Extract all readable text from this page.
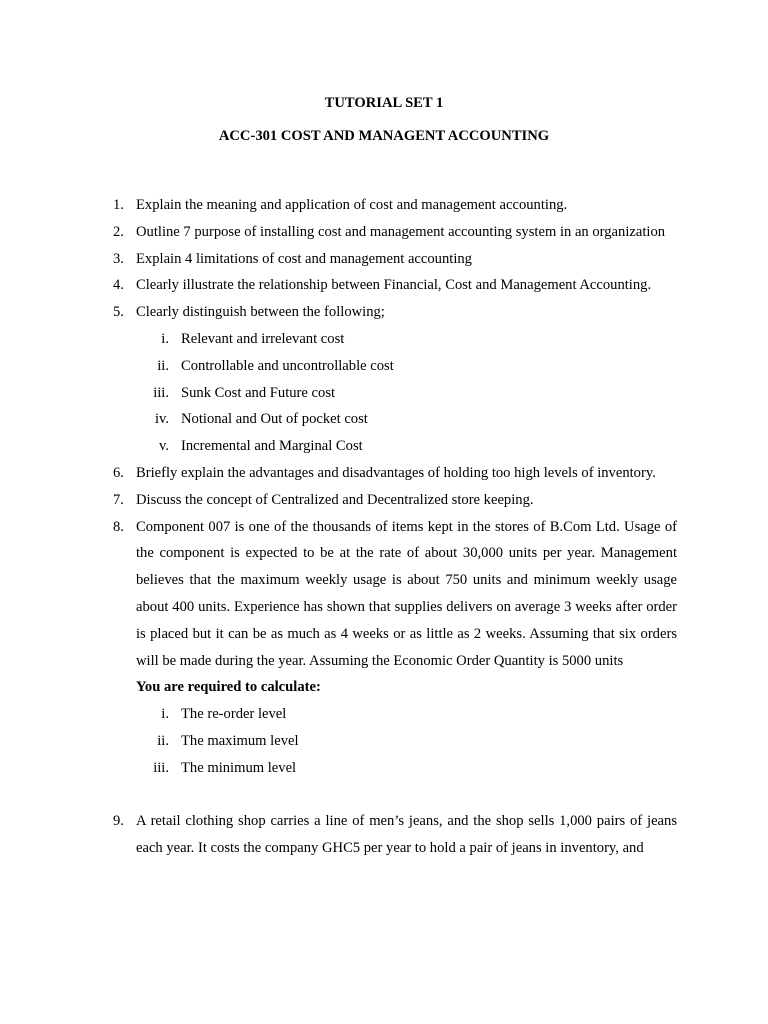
TUTORIAL SET 1

ACC-301 COST AND MANAGENT ACCOUNTING

1. Explain the meaning and application of cost and management accounting.
2. Outline 7 purpose of installing cost and management accounting system in an organization
3. Explain 4 limitations of cost and management accounting
4. Clearly illustrate the relationship between Financial, Cost and Management Accounting.
5. Clearly distinguish between the following;
i. Relevant and irrelevant cost
ii. Controllable and uncontrollable cost
iii. Sunk Cost and Future cost
iv. Notional and Out of pocket cost
v. Incremental and Marginal Cost
6. Briefly explain the advantages and disadvantages of holding too high levels of inventory.
7. Discuss the concept of Centralized and Decentralized store keeping.
8. Component 007 is one of the thousands of items kept in the stores of B.Com Ltd. Usage of the component is expected to be at the rate of about 30,000 units per year. Management believes that the maximum weekly usage is about 750 units and minimum weekly usage about 400 units. Experience has shown that supplies delivers on average 3 weeks after order is placed but it can be as much as 4 weeks or as little as 2 weeks. Assuming that six orders will be made during the year. Assuming the Economic Order Quantity is 5000 units
You are required to calculate:
i. The re-order level
ii. The maximum level
iii. The minimum level
9. A retail clothing shop carries a line of men’s jeans, and the shop sells 1,000 pairs of jeans each year. It costs the company GHC5 per year to hold a pair of jeans in inventory, and
